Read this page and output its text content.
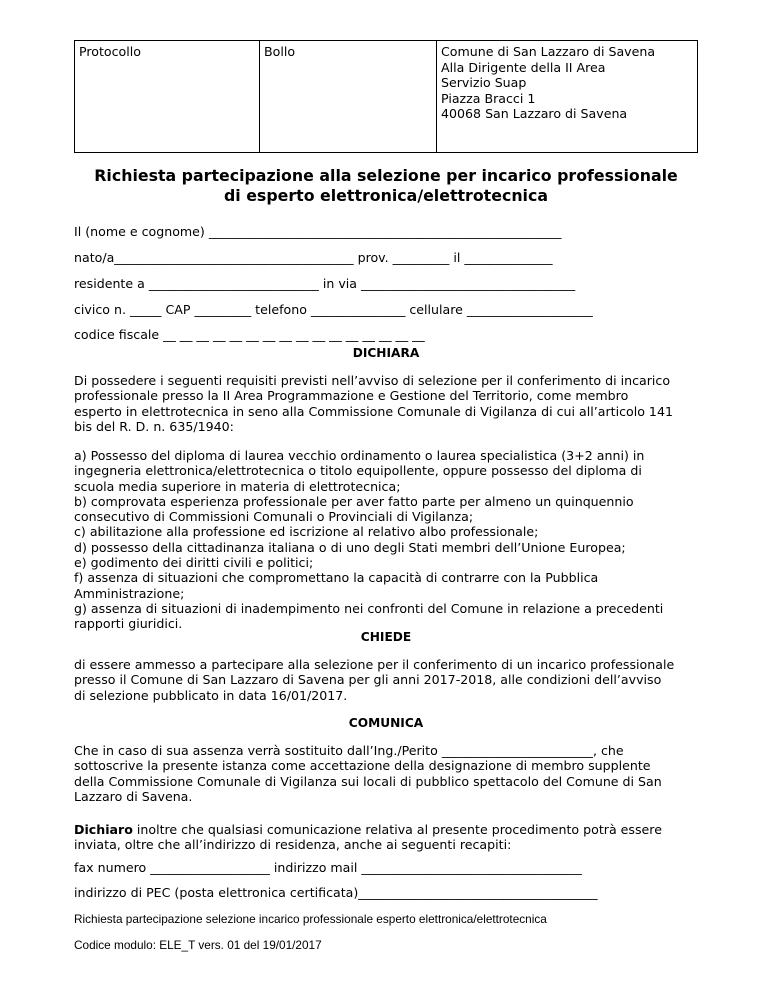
Protocollo	Bollo	Comune di San Lazzaro di Savena
Alla Dirigente della II Area
Servizio Suap
Piazza Bracci 1
40068 San Lazzaro di Savena
Richiesta partecipazione alla selezione per incarico professionale
di esperto elettronica/elettrotecnica
Il (nome e cognome) ________________________________________________________
nato/a______________________________________ prov. _________ il ______________
residente a ___________________________ in via __________________________________
civico n. _____ CAP _________ telefono _______________ cellulare ____________________
codice fiscale __ __ __ __ __ __ __ __ __ __ __ __ __ __ __ __
DICHIARA
Di possedere i seguenti requisiti previsti nell’avviso di selezione per il conferimento di incarico
professionale presso la II Area Programmazione e Gestione del Territorio, come membro
esperto in elettrotecnica in seno alla Commissione Comunale di Vigilanza di cui all’articolo 141
bis del R. D. n. 635/1940:
a) Possesso del diploma di laurea vecchio ordinamento o laurea specialistica (3+2 anni) in
ingegneria elettronica/elettrotecnica o titolo equipollente, oppure possesso del diploma di
scuola media superiore in materia di elettrotecnica;
b) comprovata esperienza professionale per aver fatto parte per almeno un quinquennio
consecutivo di Commissioni Comunali o Provinciali di Vigilanza;
c) abilitazione alla professione ed iscrizione al relativo albo professionale;
d) possesso della cittadinanza italiana o di uno degli Stati membri dell’Unione Europea;
e) godimento dei diritti civili e politici;
f) assenza di situazioni che compromettano la capacità di contrarre con la Pubblica
Amministrazione;
g) assenza di situazioni di inadempimento nei confronti del Comune in relazione a precedenti
rapporti giuridici.
CHIEDE
di essere ammesso a partecipare alla selezione per il conferimento di un incarico professionale
presso il Comune di San Lazzaro di Savena per gli anni 2017-2018, alle condizioni dell’avviso
di selezione pubblicato in data 16/01/2017.
COMUNICA
Che in caso di sua assenza verrà sostituito dall’Ing./Perito ________________________, che
sottoscrive la presente istanza come accettazione della designazione di membro supplente
della Commissione Comunale di Vigilanza sui locali di pubblico spettacolo del Comune di San
Lazzaro di Savena.
Dichiaro inoltre che qualsiasi comunicazione relativa al presente procedimento potrà essere
inviata, oltre che all’indirizzo di residenza, anche ai seguenti recapiti:
fax numero ___________________ indirizzo mail ___________________________________
indirizzo di PEC (posta elettronica certificata)______________________________________
Richiesta partecipazione selezione incarico professionale esperto elettronica/elettrotecnica
Codice modulo: ELE_T vers. 01 del 19/01/2017
